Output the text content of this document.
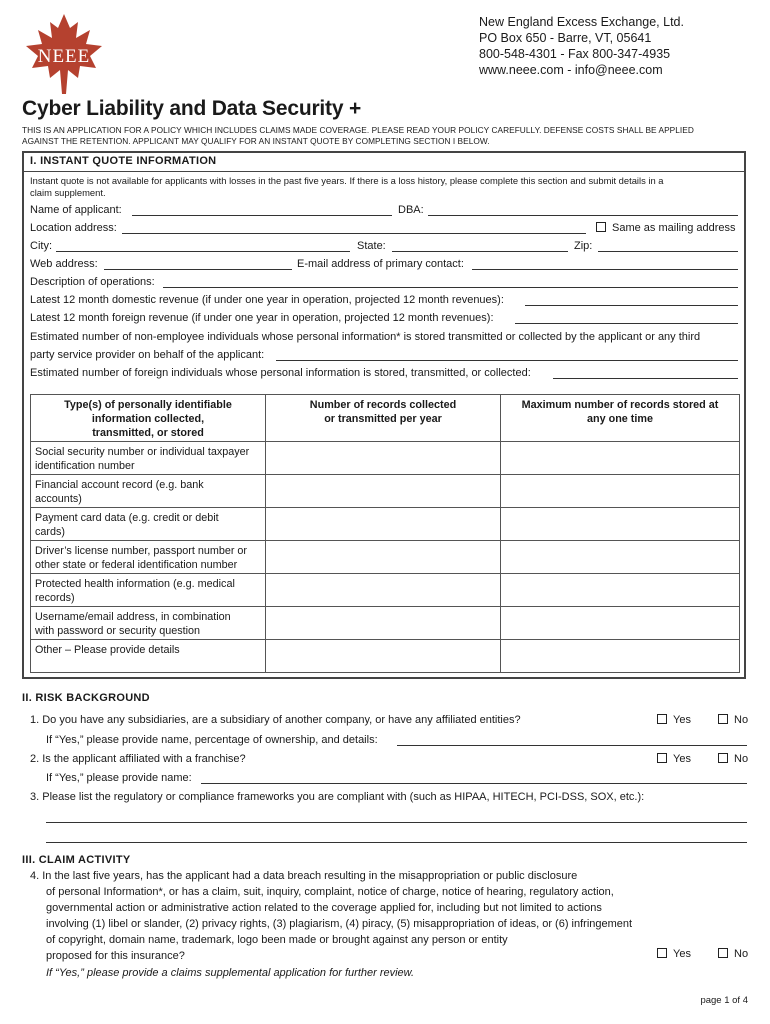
NEEE
New England Excess Exchange, Ltd.
PO Box 650 - Barre, VT, 05641
800-548-4301 - Fax 800-347-4935
www.neee.com - info@neee.com
Cyber Liability and Data Security +
THIS IS AN APPLICATION FOR A POLICY WHICH INCLUDES CLAIMS MADE COVERAGE. PLEASE READ YOUR POLICY CAREFULLY. DEFENSE COSTS SHALL BE APPLIED
AGAINST THE RETENTION. APPLICANT MAY QUALIFY FOR AN INSTANT QUOTE BY COMPLETING SECTION I BELOW.
I. INSTANT QUOTE INFORMATION
Instant quote is not available for applicants with losses in the past five years. If there is a loss history, please complete this section and submit details in a
claim supplement.
Name of applicant:	DBA:
Location address:	Same as mailing address
City:	State:	Zip:
Web address:	E-mail address of primary contact:
Description of operations:
Latest 12 month domestic revenue (if under one year in operation, projected 12 month revenues):
Latest 12 month foreign revenue (if under one year in operation, projected 12 month revenues):
Estimated number of non-employee individuals whose personal information* is stored transmitted or collected by the applicant or any third
party service provider on behalf of the applicant:
Estimated number of foreign individuals whose personal information is stored, transmitted, or collected:
Type(s) of personally identifiable
information collected,
transmitted, or stored	Number of records collected
or transmitted per year	Maximum number of records stored at
any one time
Social security number or individual taxpayer
identification number		
Financial account record (e.g. bank
accounts)		
Payment card data (e.g. credit or debit
cards)		
Driver’s license number, passport number or
other state or federal identification number		
Protected health information (e.g. medical
records)		
Username/email address, in combination
with password or security question		
Other – Please provide details		
II. RISK BACKGROUND
1. Do you have any subsidiaries, are a subsidiary of another company, or have any affiliated entities?	Yes	No
If “Yes,” please provide name, percentage of ownership, and details:
2. Is the applicant affiliated with a franchise?	Yes	No
If “Yes,” please provide name:
3. Please list the regulatory or compliance frameworks you are compliant with (such as HIPAA, HITECH, PCI-DSS, SOX, etc.):
III. CLAIM ACTIVITY
4. In the last five years, has the applicant had a data breach resulting in the misappropriation or public disclosure
of personal Information*, or has a claim, suit, inquiry, complaint, notice of charge, notice of hearing, regulatory action,
governmental action or administrative action related to the coverage applied for, including but not limited to actions
involving (1) libel or slander, (2) privacy rights, (3) plagiarism, (4) piracy, (5) misappropriation of ideas, or (6) infringement
of copyright, domain name, trademark, logo been made or brought against any person or entity
proposed for this insurance?	Yes	No
If “Yes,” please provide a claims supplemental application for further review.
page 1 of 4
